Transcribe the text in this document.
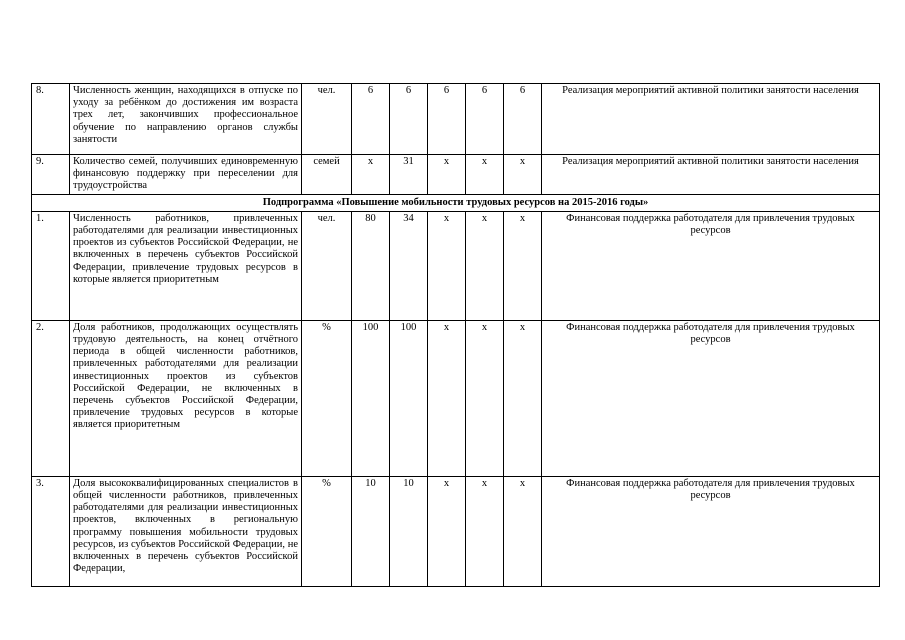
8.	Численность женщин, находящихся в отпуске по уходу за ребёнком до достижения им возраста трех лет, закончивших профессиональное обучение по направлению органов службы занятости	чел.	6	6	6	6	6	Реализация мероприятий активной политики занятости населения
9.	Количество семей, получивших единовременную финансовую поддержку при переселении для трудоустройства	семей	х	31	х	х	х	Реализация мероприятий активной политики занятости населения
Подпрограмма «Повышение мобильности трудовых ресурсов на 2015-2016 годы»								
1.	Численность работников, привлеченных работодателями для реализации инвестиционных проектов из субъектов Российской Федерации, не включенных в перечень субъектов Российской Федерации, привлечение трудовых ресурсов в которые является приоритетным	чел.	80	34	х	х	х	Финансовая поддержка работодателя для привлечения трудовых ресурсов
2.	Доля работников, продолжающих осуществлять трудовую деятельность, на конец отчётного периода в общей численности работников, привлеченных работодателями для реализации инвестиционных проектов из субъектов Российской Федерации, не включенных в перечень субъектов Российской Федерации, привлечение трудовых ресурсов в которые является приоритетным	%	100	100	х	х	х	Финансовая поддержка работодателя для привлечения трудовых ресурсов
3.	Доля высококвалифицированных специалистов в общей численности работников, привлеченных работодателями для реализации инвестиционных проектов, включенных в региональную программу повышения мобильности трудовых ресурсов, из субъектов Российской Федерации, не включенных в перечень субъектов Российской Федерации,	%	10	10	х	х	х	Финансовая поддержка работодателя для привлечения трудовых ресурсов
